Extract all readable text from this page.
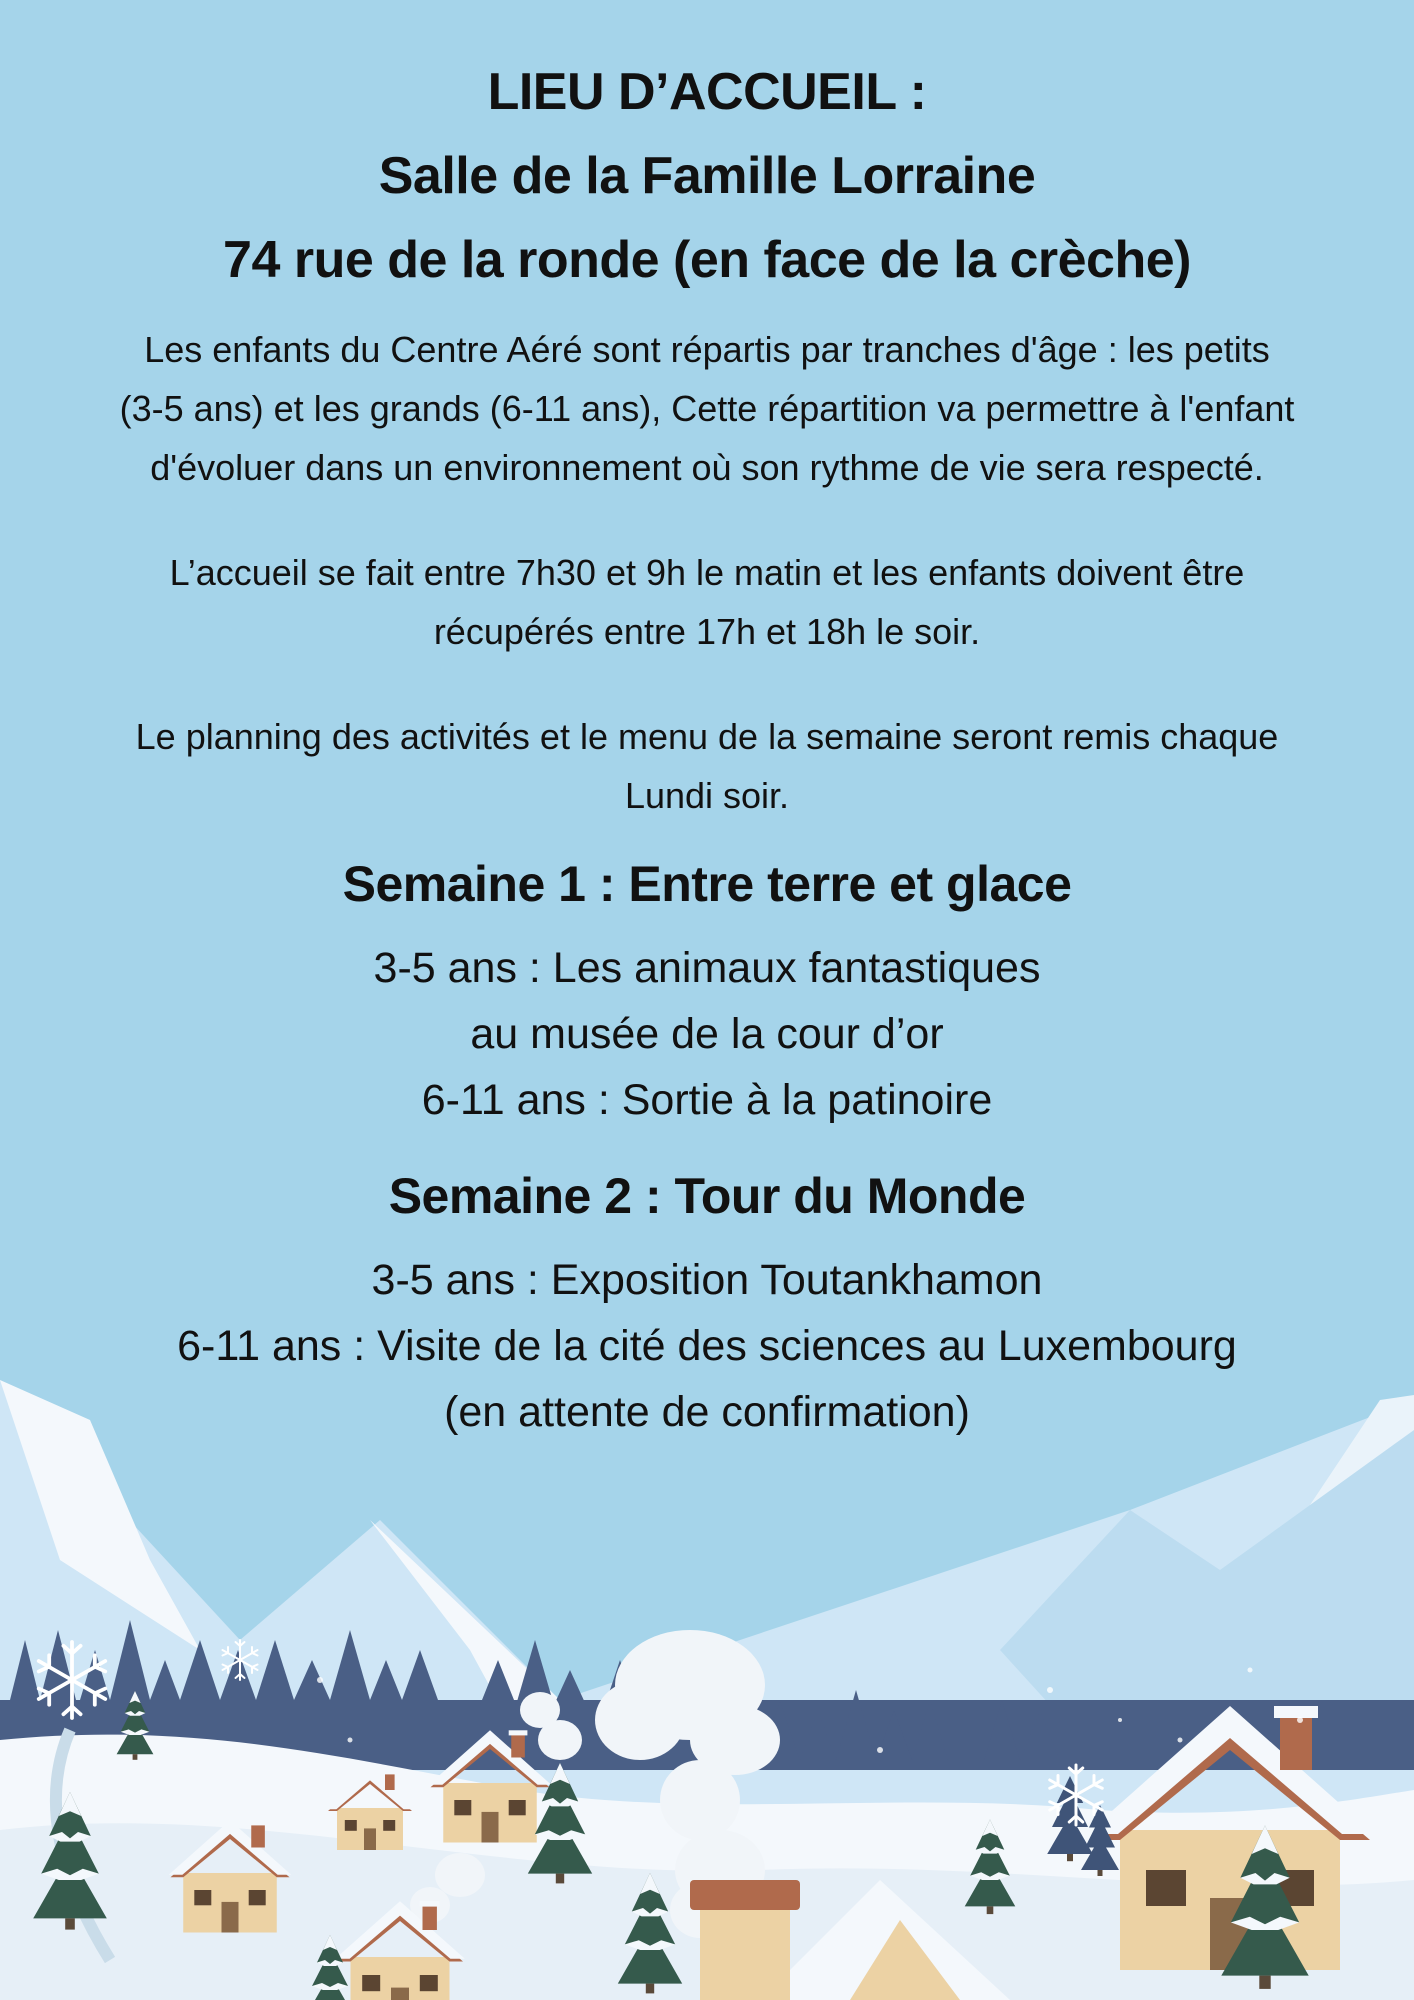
LIEU D’ACCUEIL :

Salle de la Famille Lorraine

74 rue de la ronde (en face de la crèche)

Les enfants du Centre Aéré sont répartis par tranches d'âge : les petits

(3-5 ans) et les grands (6-11 ans), Cette répartition va permettre à l'enfant

d'évoluer dans un environnement où son rythme de vie sera respecté.

L’accueil se fait entre 7h30 et 9h le matin et les enfants doivent être

récupérés entre 17h et 18h le soir.

Le planning des activités et le menu de la semaine seront remis chaque

Lundi soir.

Semaine 1 : Entre terre et glace

3-5 ans : Les animaux fantastiques

au musée de la cour d’or

6-11 ans : Sortie à la patinoire

Semaine 2 : Tour du Monde

3-5 ans : Exposition Toutankhamon

6-11 ans : Visite de la cité des sciences au Luxembourg

(en attente de confirmation)
